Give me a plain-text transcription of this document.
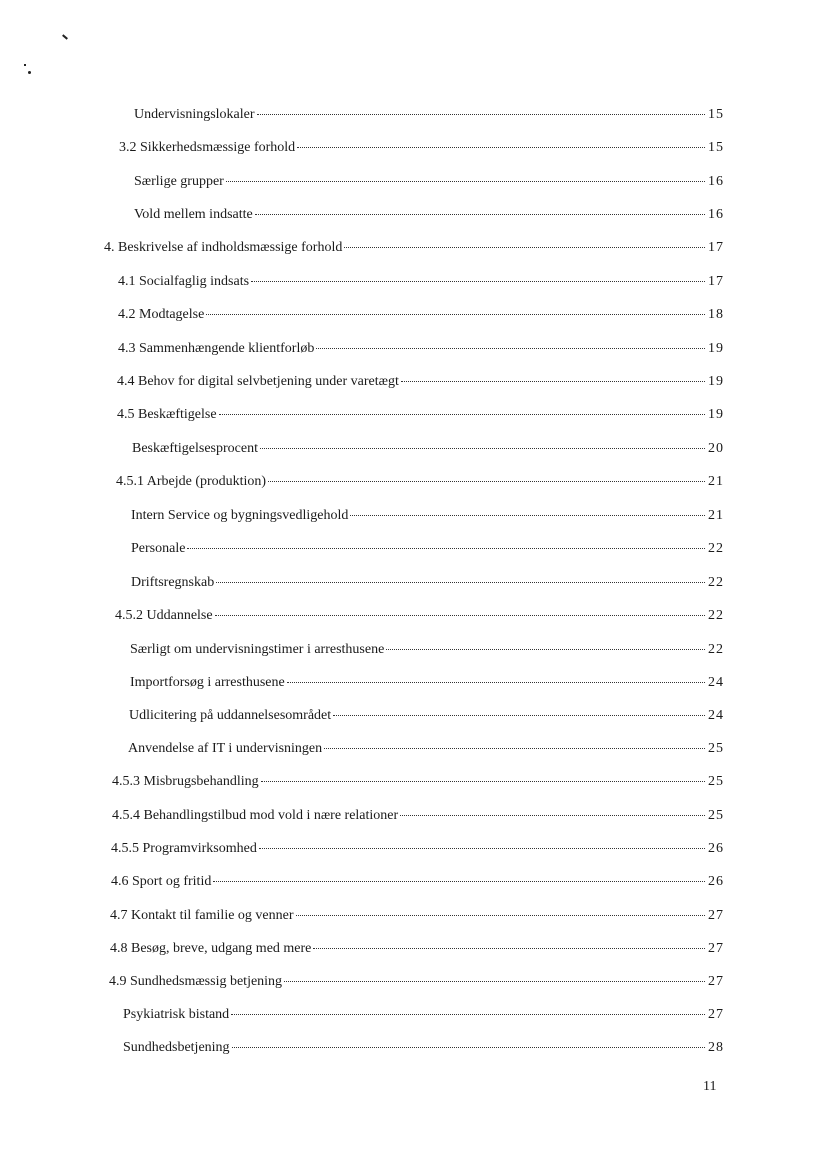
Undervisningslokaler	15
3.2 Sikkerhedsmæssige forhold	15
Særlige grupper	16
Vold mellem indsatte	16
4. Beskrivelse af indholdsmæssige forhold	17
4.1 Socialfaglig indsats	17
4.2 Modtagelse	18
4.3 Sammenhængende klientforløb	19
4.4 Behov for digital selvbetjening under varetægt	19
4.5 Beskæftigelse	19
Beskæftigelsesprocent	20
4.5.1 Arbejde (produktion)	21
Intern Service og bygningsvedligehold	21
Personale	22
Driftsregnskab	22
4.5.2 Uddannelse	22
Særligt om undervisningstimer i arresthusene	22
Importforsøg i arresthusene	24
Udlicitering på uddannelsesområdet	24
Anvendelse af IT i undervisningen	25
4.5.3 Misbrugsbehandling	25
4.5.4 Behandlingstilbud mod vold i nære relationer	25
4.5.5 Programvirksomhed	26
4.6 Sport og fritid	26
4.7 Kontakt til familie og venner	27
4.8 Besøg, breve, udgang med mere	27
4.9 Sundhedsmæssig betjening	27
Psykiatrisk bistand	27
Sundhedsbetjening	28
11
